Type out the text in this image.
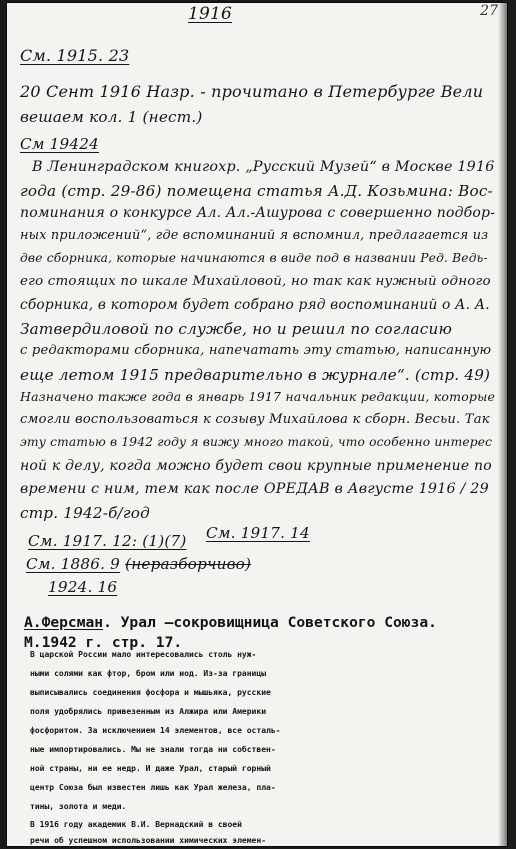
27
1916
См. 1915. 23
20 Сент 1916 Назр. - прочитано в Петербурге Вели
вешаем кол. 1 (нест.)
См 19424
В Ленинградском книгохр. „Русский Музей“ в Москве 1916
года (стр. 29-86) помещена статья А.Д. Козьмина: Вос-
поминания о конкурсе Ал. Ал.-Ашурова с совершенно подбор-
ных приложений“, где вспоминаний я вспомнил, предлагается из
две сборника, которые начинаются в виде под в названии Ред. Ведь-
его стоящих по шкале Михайловой, но так как нужный одного
сборника, в котором будет собрано ряд воспоминаний о А. А.
Затвердиловой по службе, но и решил по согласию
с редакторами сборника, напечатать эту статью, написанную
еще летом 1915 предварительно в журнале“. (стр. 49)
Назначено также года в январь 1917 начальник редакции, которые
смогли воспользоваться к созыву Михайлова к сборн. Весьи. Так
эту статью в 1942 году я вижу много такой, что особенно интерес
ной к делу, когда можно будет свои крупные применение по
времени с ним, тем как после ОРЕДАВ в Августе 1916 / 29
стр. 1942-б/год
См. 1917. 12: (1)(7) См. 1917. 14
См. 1886. 9 (неразборчиво)
1924. 16
А.Ферсман. Урал —сокровищница Советского Союза.
М.1942 г. стр. 17.
В царской России мало интересовались столь нуж-
ными солями как фтор, бром или иод. Из-за границы
выписывались соединения фосфора и мышьяка, русские
поля удобрялись привезенным из Алжира или Америки
фосфоритом. За исключением 14 элементов, все осталь-
ные импортировались. Мы не знали тогда ни собствен-
ной страны, ни ее недр. И даже Урал, старый горный
центр Союза был известен лишь как Урал железа, пла-
тины, золота и меди.
В 1916 году академик В.И. Вернадский в своей
речи об успешном использовании химических элемен-
